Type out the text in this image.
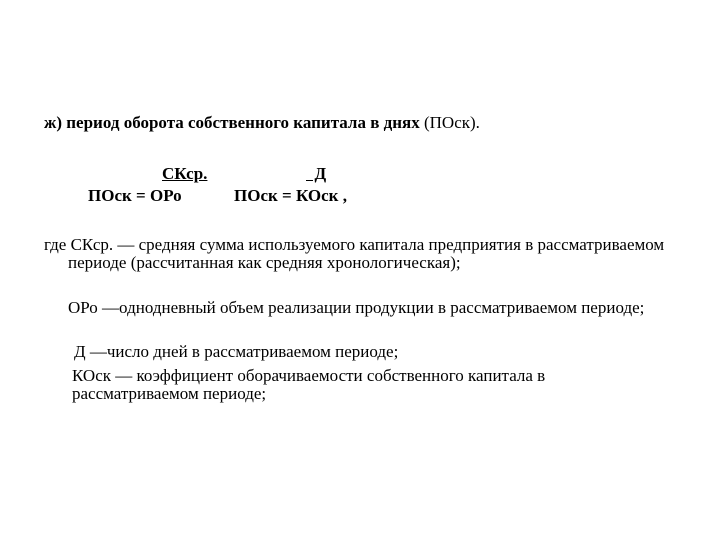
ж) период оборота собственного капитала в днях (ПОск).
СКср.
ПОск = ОРо
Д
ПОск = КОск ,
где СКср. — средняя сумма используемого капитала предприятия в рассматриваемом периоде (рассчитанная как средняя хронологическая);
ОРо —однодневный объем реализации продукции в рассматриваемом периоде;
Д —число дней в рассматриваемом периоде;
КОск — коэффициент оборачиваемости собственного капитала в рассматриваемом периоде;
